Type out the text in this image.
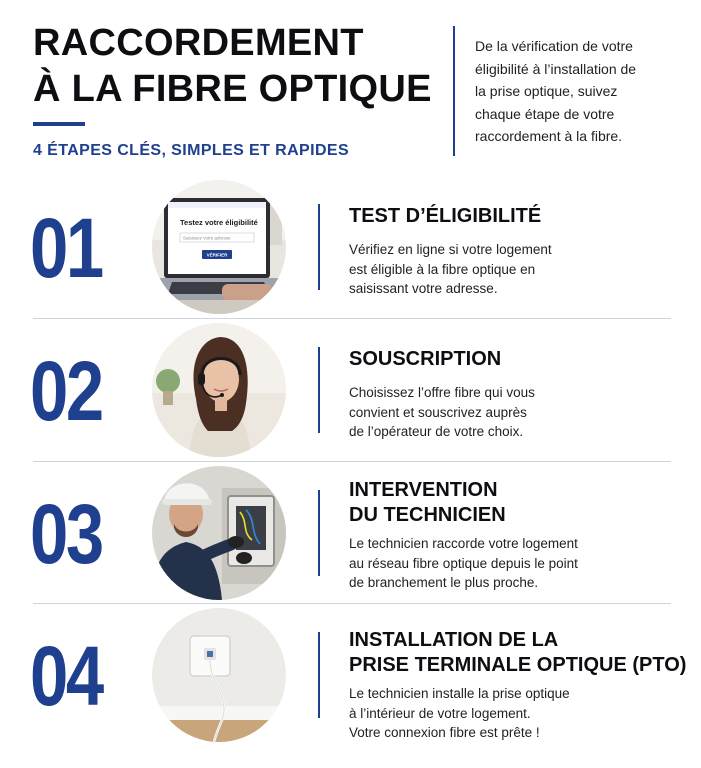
RACCORDEMENT
À LA FIBRE OPTIQUE
4 ÉTAPES CLÉS, SIMPLES ET RAPIDES
De la vérification de votre
éligibilité à l’installation de
la prise optique, suivez
chaque étape de votre
raccordement à la fibre.
01	Testez votre éligibilité
Saisissez votre adresse
VÉRIFIER
TEST D’ÉLIGIBILITÉ
Vérifiez en ligne si votre logement
est éligible à la fibre optique en
saisissant votre adresse.
02	SOUSCRIPTION
Choisissez l’offre fibre qui vous
convient et souscrivez auprès
de l’opérateur de votre choix.
03	INTERVENTION
DU TECHNICIEN
Le technicien raccorde votre logement
au réseau fibre optique depuis le point
de branchement le plus proche.
04	INSTALLATION DE LA
PRISE TERMINALE OPTIQUE (PTO)
Le technicien installe la prise optique
à l’intérieur de votre logement.
Votre connexion fibre est prête !
